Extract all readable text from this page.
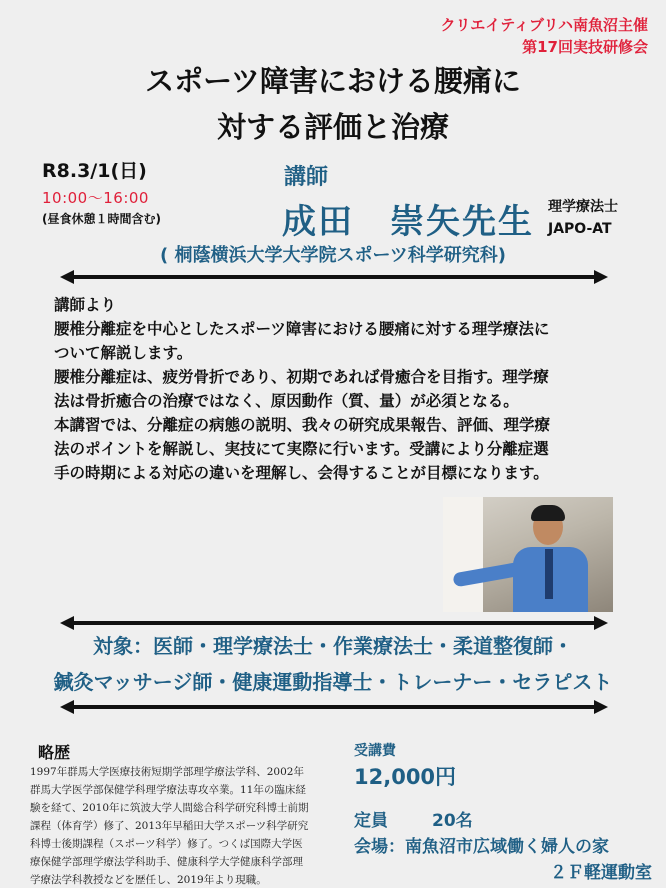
クリエイティブリハ南魚沼主催
第17回実技研修会
スポーツ障害における腰痛に
対する評価と治療
R8.3/1(日)
10:00～16:00
(昼食休憩１時間含む)
講師
成田　崇矢先生 理学療法士
JAPO-AT
( 桐蔭横浜大学大学院スポーツ科学研究科)
講師より
腰椎分離症を中心としたスポーツ障害における腰痛に対する理学療法に
ついて解説します。
腰椎分離症は、疲労骨折であり、初期であれば骨癒合を目指す。理学療
法は骨折癒合の治療ではなく、原因動作（質、量）が必須となる。
本講習では、分離症の病態の説明、我々の研究成果報告、評価、理学療
法のポイントを解説し、実技にて実際に行います。受講により分離症選
手の時期による対応の違いを理解し、会得することが目標になります。
対象：医師・理学療法士・作業療法士・柔道整復師・
鍼灸マッサージ師・健康運動指導士・トレーナー・セラピスト
略歴
1997年群馬大学医療技術短期学部理学療法学科、2002年
群馬大学医学部保健学科理学療法専攻卒業。11年の臨床経
験を経て、2010年に筑波大学人間総合科学研究科博士前期
課程（体育学）修了、2013年早稲田大学スポーツ科学研究
科博士後期課程（スポーツ科学）修了。つくば国際大学医
療保健学部理学療法学科助手、健康科学大学健康科学部理
学療法学科教授などを歴任し、2019年より現職。
受講費
12,000円
定員	20名
会場：南魚沼市広域働く婦人の家
２Ｆ軽運動室
